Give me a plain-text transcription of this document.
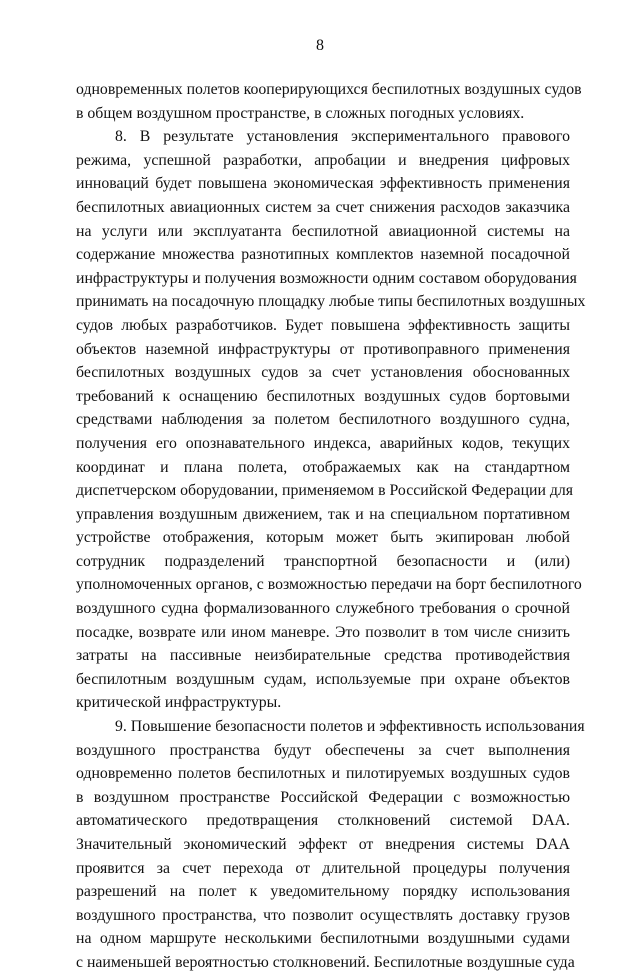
8
одновременных полетов кооперирующихся беспилотных воздушных судов
в общем воздушном пространстве, в сложных погодных условиях.
8. В результате установления экспериментального правового
режима, успешной разработки, апробации и внедрения цифровых
инноваций будет повышена экономическая эффективность применения
беспилотных авиационных систем за счет снижения расходов заказчика
на услуги или эксплуатанта беспилотной авиационной системы на
содержание множества разнотипных комплектов наземной посадочной
инфраструктуры и получения возможности одним составом оборудования
принимать на посадочную площадку любые типы беспилотных воздушных
судов любых разработчиков. Будет повышена эффективность защиты
объектов наземной инфраструктуры от противоправного применения
беспилотных воздушных судов за счет установления обоснованных
требований к оснащению беспилотных воздушных судов бортовыми
средствами наблюдения за полетом беспилотного воздушного судна,
получения его опознавательного индекса, аварийных кодов, текущих
координат и плана полета, отображаемых как на стандартном
диспетчерском оборудовании, применяемом в Российской Федерации для
управления воздушным движением, так и на специальном портативном
устройстве отображения, которым может быть экипирован любой
сотрудник подразделений транспортной безопасности и (или)
уполномоченных органов, с возможностью передачи на борт беспилотного
воздушного судна формализованного служебного требования о срочной
посадке, возврате или ином маневре. Это позволит в том числе снизить
затраты на пассивные неизбирательные средства противодействия
беспилотным воздушным судам, используемые при охране объектов
критической инфраструктуры.
9. Повышение безопасности полетов и эффективность использования
воздушного пространства будут обеспечены за счет выполнения
одновременно полетов беспилотных и пилотируемых воздушных судов
в воздушном пространстве Российской Федерации с возможностью
автоматического предотвращения столкновений системой DAA.
Значительный экономический эффект от внедрения системы DAA
проявится за счет перехода от длительной процедуры получения
разрешений на полет к уведомительному порядку использования
воздушного пространства, что позволит осуществлять доставку грузов
на одном маршруте несколькими беспилотными воздушными судами
с наименьшей вероятностью столкновений. Беспилотные воздушные суда
